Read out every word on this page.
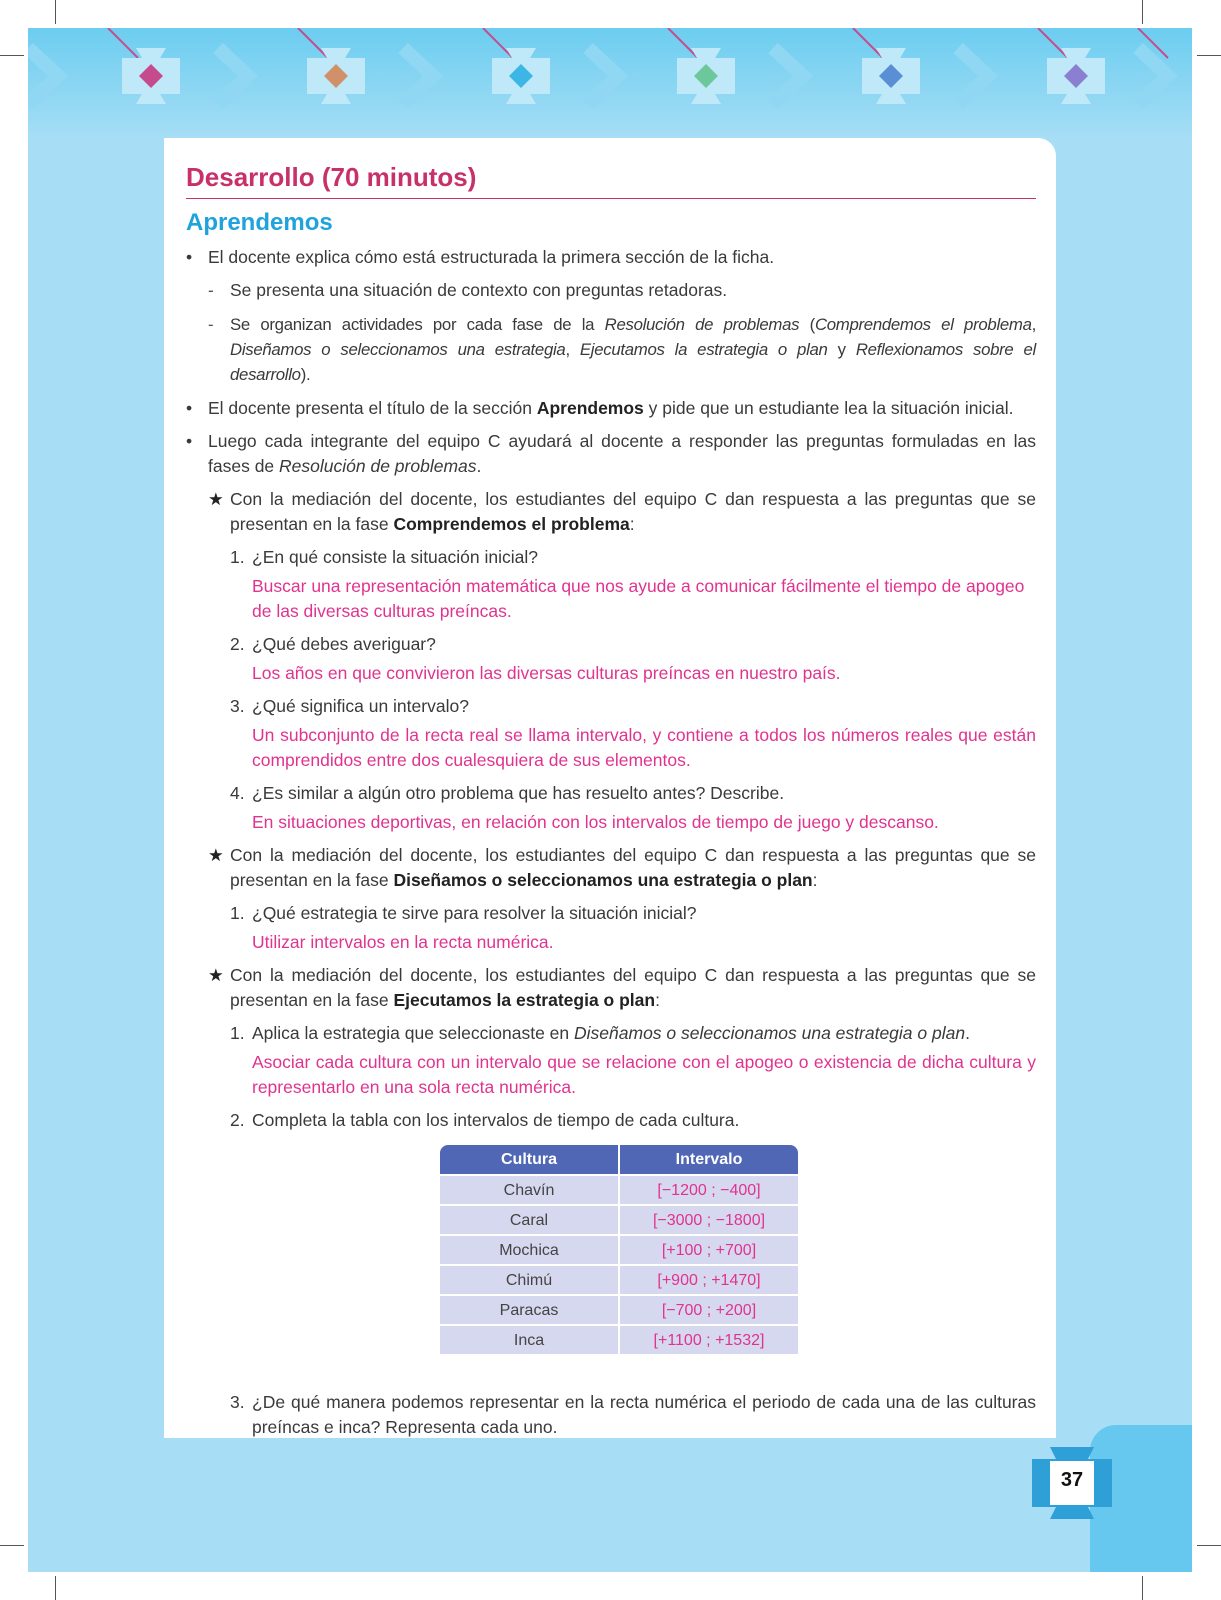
37
Desarrollo (70 minutos)
Aprendemos
• El docente explica cómo está estructurada la primera sección de la ficha.
- Se presenta una situación de contexto con preguntas retadoras.
- Se organizan actividades por cada fase de la Resolución de problemas (Comprendemos el problema, Diseñamos o seleccionamos una estrategia, Ejecutamos la estrategia o plan y Reflexionamos sobre el desarrollo).
• El docente presenta el título de la sección Aprendemos y pide que un estudiante lea la situación inicial.
• Luego cada integrante del equipo C ayudará al docente a responder las preguntas formuladas en las fases de Resolución de problemas.
★ Con la mediación del docente, los estudiantes del equipo C dan respuesta a las preguntas que se presentan en la fase Comprendemos el problema:
1. ¿En qué consiste la situación inicial?
Buscar una representación matemática que nos ayude a comunicar fácilmente el tiempo de apogeo de las diversas culturas preíncas.
2. ¿Qué debes averiguar?
Los años en que convivieron las diversas culturas preíncas en nuestro país.
3. ¿Qué significa un intervalo?
Un subconjunto de la recta real se llama intervalo, y contiene a todos los números reales que están comprendidos entre dos cualesquiera de sus elementos.
4. ¿Es similar a algún otro problema que has resuelto antes? Describe.
En situaciones deportivas, en relación con los intervalos de tiempo de juego y descanso.
★ Con la mediación del docente, los estudiantes del equipo C dan respuesta a las preguntas que se presentan en la fase Diseñamos o seleccionamos una estrategia o plan:
1. ¿Qué estrategia te sirve para resolver la situación inicial?
Utilizar intervalos en la recta numérica.
★ Con la mediación del docente, los estudiantes del equipo C dan respuesta a las preguntas que se presentan en la fase Ejecutamos la estrategia o plan:
1. Aplica la estrategia que seleccionaste en Diseñamos o seleccionamos una estrategia o plan.
Asociar cada cultura con un intervalo que se relacione con el apogeo o existencia de dicha cultura y representarlo en una sola recta numérica.
2. Completa la tabla con los intervalos de tiempo de cada cultura.
Cultura	Intervalo
Chavín	[−1200 ; −400]
Caral	[−3000 ; −1800]
Mochica	[+100 ; +700]
Chimú	[+900 ; +1470]
Paracas	[−700 ; +200]
Inca	[+1100 ; +1532]
3. ¿De qué manera podemos representar en la recta numérica el periodo de cada una de las culturas preíncas e inca? Representa cada uno.
